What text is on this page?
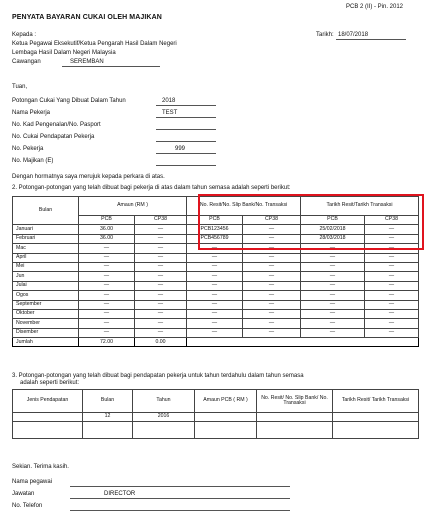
PCB 2 (II) - Pin. 2012
PENYATA BAYARAN CUKAI OLEH MAJIKAN
Kepada :
Ketua Pegawai Eksekutif/Ketua Pengarah Hasil Dalam Negeri
Lembaga Hasil Dalam Negeri Malaysia
Cawangan	SEREMBAN
Tarikh: 18/07/2018
Tuan,
Potongan Cukai Yang Dibuat Dalam Tahun	2018
Nama Pekerja	TEST
No. Kad Pengenalan/No. Pasport
No. Cukai Pendapatan Pekerja
No. Pekerja	999
No. Majikan (E)
Dengan hormatnya saya merujuk kepada perkara di atas.
2. Potongan-potongan yang telah dibuat bagi pekerja di atas dalam tahun semasa adalah seperti berikut:
Bulan	Amaun (RM )		No. Resit/No. Slip Bank/No. Transaksi		Tarikh Resit/Tarikh Transaksi	
	PCB	CP38	PCB	CP38	PCB	CP38
Januari	36.00	—	PCB123456	—	25/02/2018	—
Februari	36.00	—	PCB456789	—	28/03/2018	—
Mac	—	—	—	—	—	—
April	—	—	—	—	—	—
Mei	—	—	—	—	—	—
Jun	—	—	—	—	—	—
Julai	—	—	—	—	—	—
Ogos	—	—	—	—	—	—
September	—	—	—	—	—	—
Oktober	—	—	—	—	—	—
November	—	—	—	—	—	—
Disember	—	—	—	—	—	—
Jumlah	72.00	0.00				
3. Potongan-potongan yang telah dibuat bagi pendapatan pekerja untuk tahun terdahulu dalam tahun semasa
adalah seperti berikut:
Jenis Pendapatan	Bulan	Tahun	Amaun PCB ( RM )	No. Resit/ No. Slip Bank/ No. Transaksi	Tarikh Resit/ Tarikh Transaksi
	12	2016			

Sekian. Terima kasih.
Nama pegawai
Jawatan	DIRECTOR
No. Telefon
